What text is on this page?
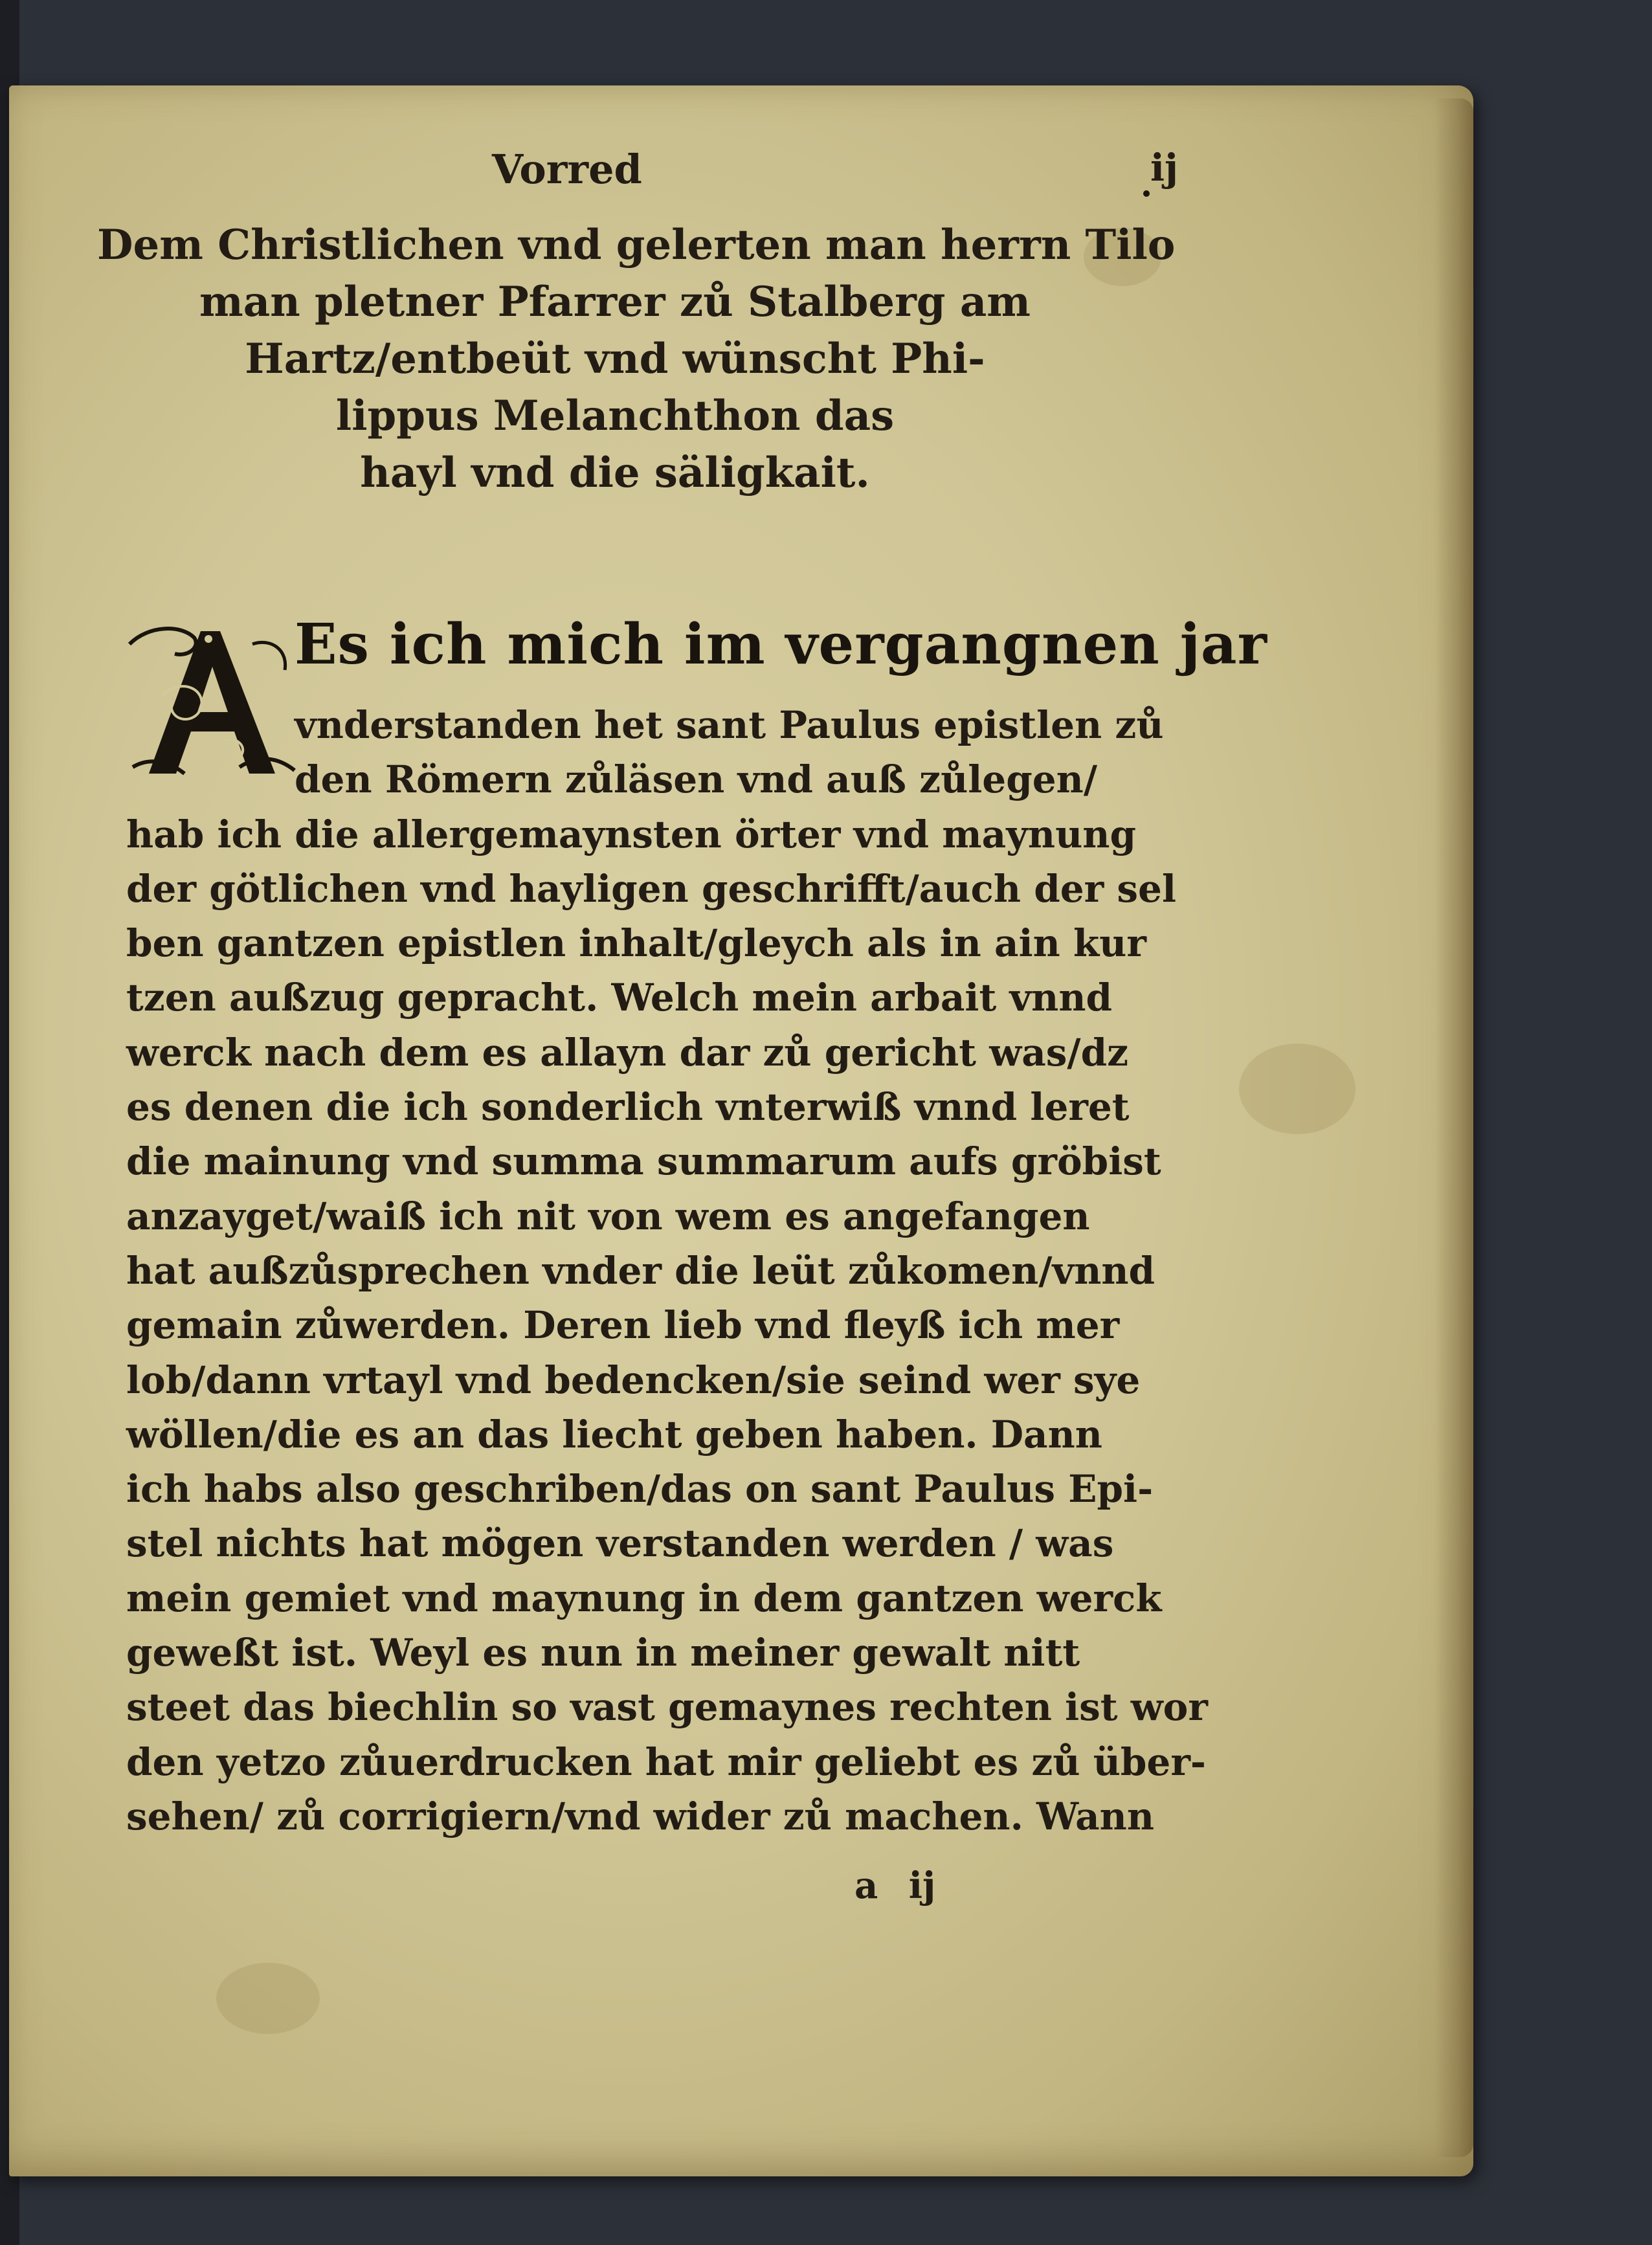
Vorred	ij
Dem Christlichen vnd gelerten man herrn Tilo
man pletner Pfarrer zů Stalberg am
Hartz/entbeüt vnd wünscht Phi-
lippus Melanchthon das
hayl vnd die säligkait.
Es ich mich im vergangnen jar
vnderstanden het sant Paulus epistlen zů
den Römern zůläsen vnd auß zůlegen/
hab ich die allergemaynsten örter vnd maynung
der götlichen vnd hayligen geschrifft/auch der sel
ben gantzen epistlen inhalt/gleych als in ain kur
tzen außzug gepracht. Welch mein arbait vnnd
werck nach dem es allayn dar zů gericht was/dz
es denen die ich sonderlich vnterwiß vnnd leret
die mainung vnd summa summarum aufs gröbist
anzayget/waiß ich nit von wem es angefangen
hat außzůsprechen vnder die leüt zůkomen/vnnd
gemain zůwerden. Deren lieb vnd fleyß ich mer
lob/dann vrtayl vnd bedencken/sie seind wer sye
wöllen/die es an das liecht geben haben. Dann
ich habs also geschriben/das on sant Paulus Epi-
stel nichts hat mögen verstanden werden / was
mein gemiet vnd maynung in dem gantzen werck
geweßt ist. Weyl es nun in meiner gewalt nitt
steet das biechlin so vast gemaynes rechten ist wor
den yetzo zůuerdrucken hat mir geliebt es zů über-
sehen/ zů corrigiern/vnd wider zů machen. Wann
a ij
